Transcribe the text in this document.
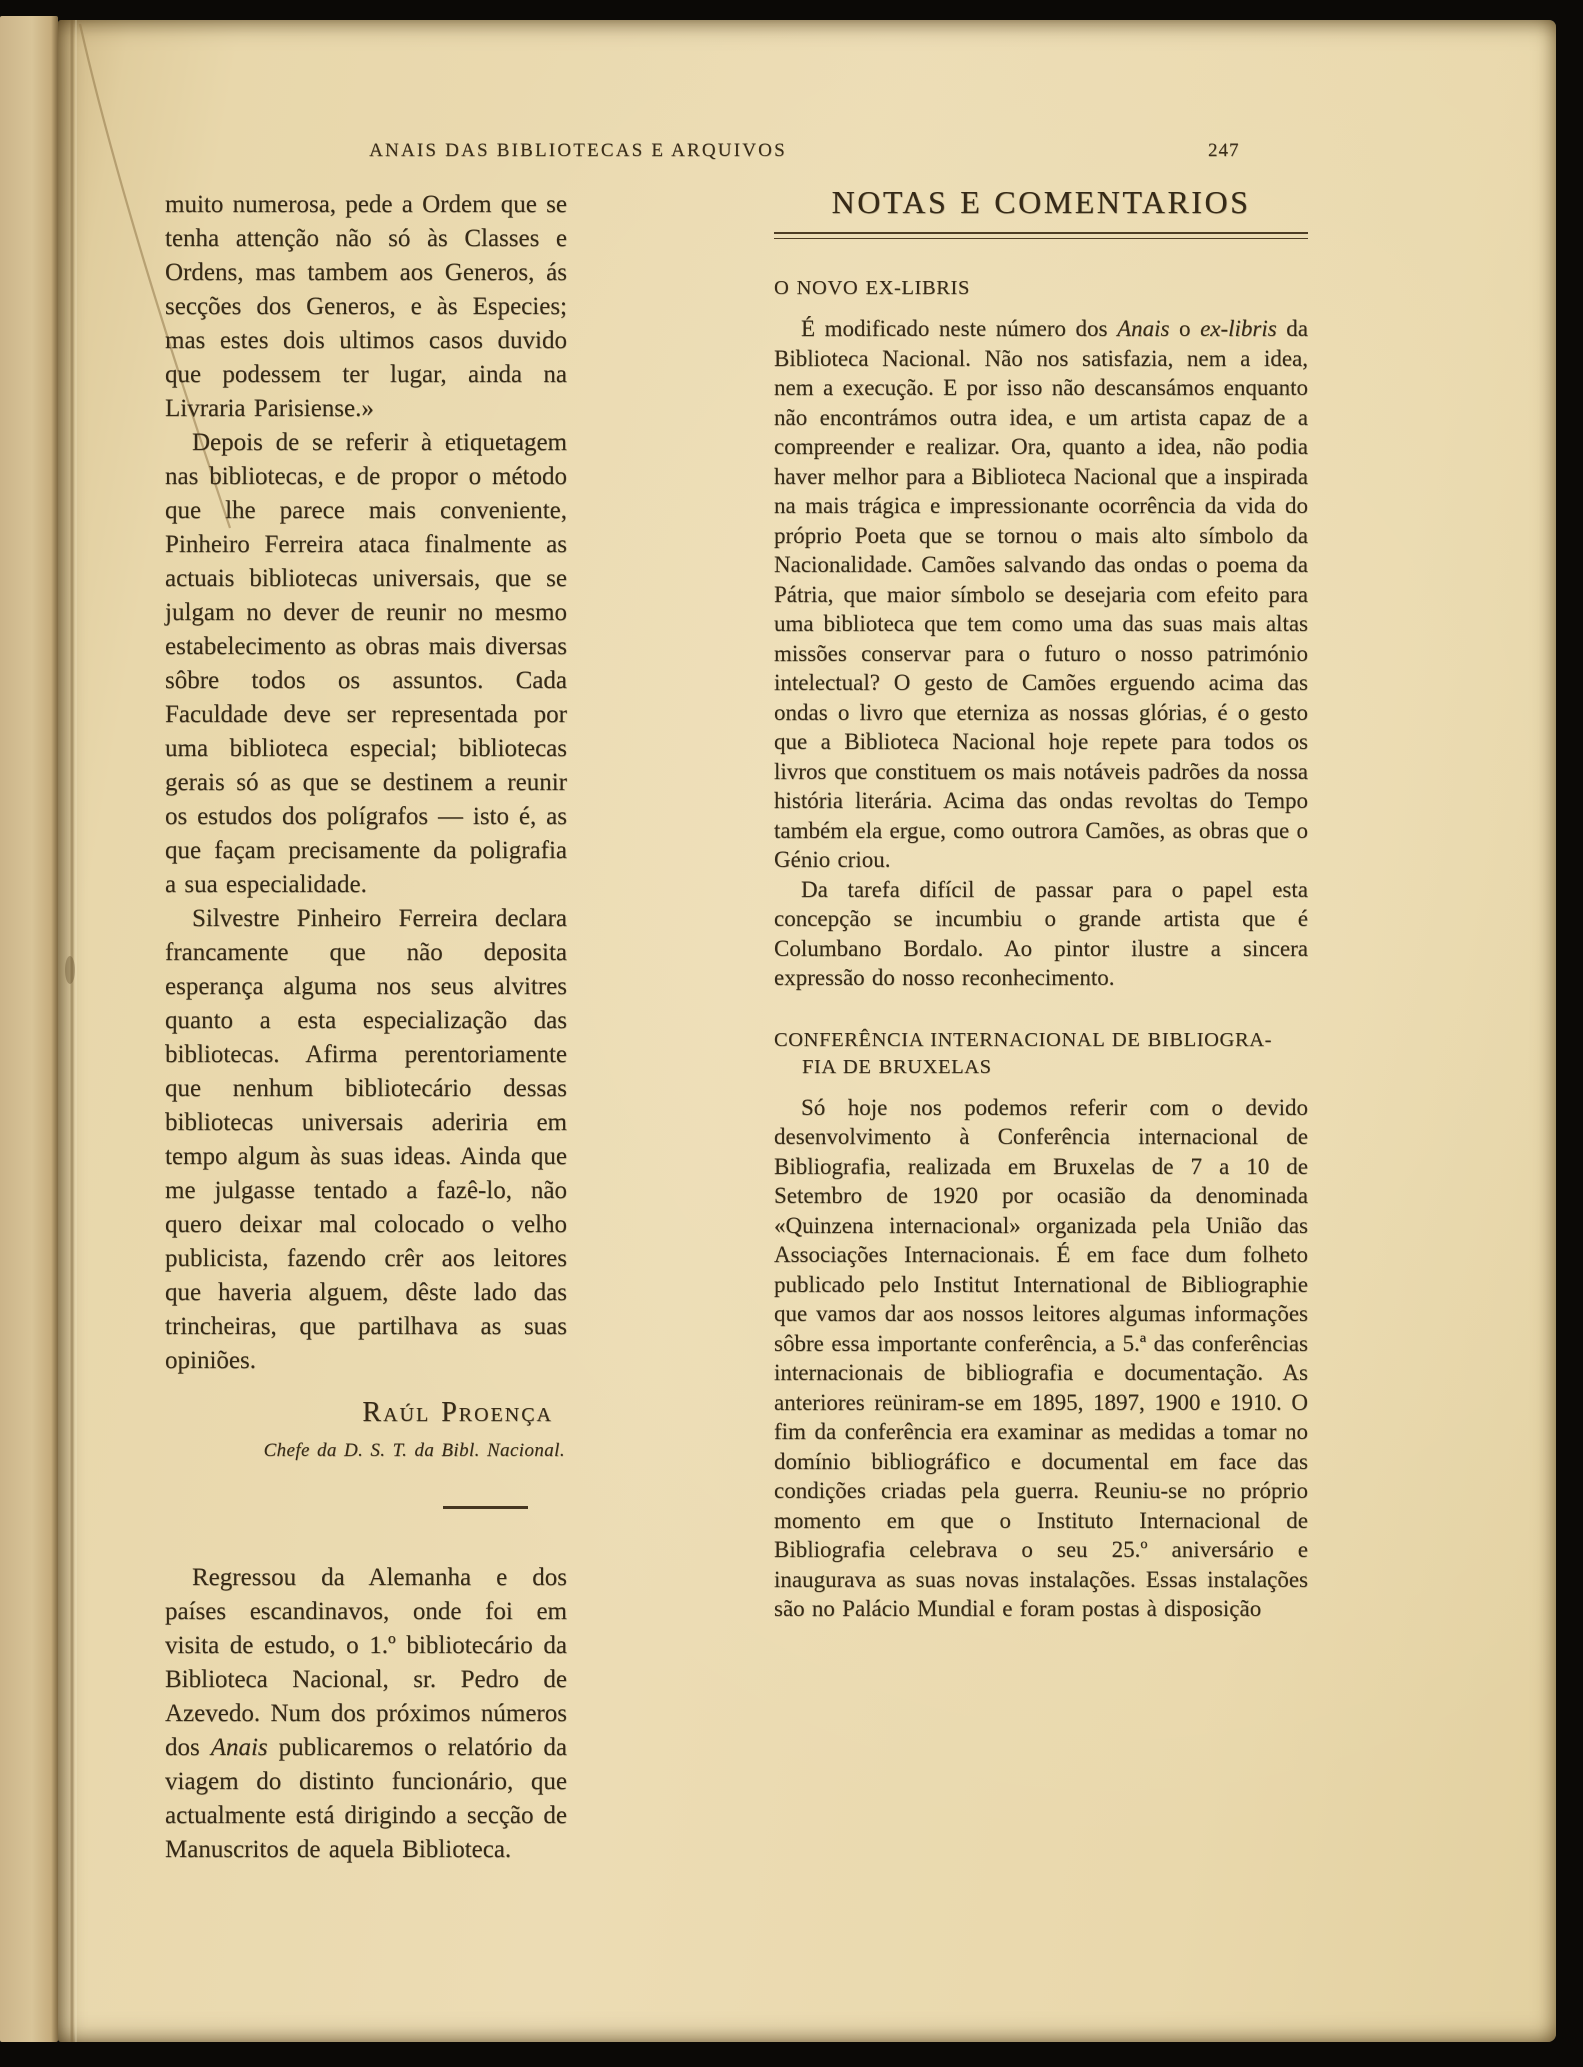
ANAIS DAS BIBLIOTECAS E ARQUIVOS	247

muito numerosa, pede a Ordem que se tenha attenção não só às Classes e Ordens, mas tambem aos Generos, ás secções dos Generos, e às Especies; mas estes dois ultimos casos duvido que podessem ter lugar, ainda na Livraria Parisiense.»

Depois de se referir à etiquetagem nas bibliotecas, e de propor o método que lhe parece mais conveniente, Pinheiro Ferreira ataca finalmente as actuais bibliotecas universais, que se julgam no dever de reunir no mesmo estabelecimento as obras mais diversas sôbre todos os assuntos. Cada Faculdade deve ser representada por uma biblioteca especial; bibliotecas gerais só as que se destinem a reunir os estudos dos polígrafos — isto é, as que façam precisamente da poligrafia a sua especialidade.

Silvestre Pinheiro Ferreira declara francamente que não deposita esperança alguma nos seus alvitres quanto a esta especialização das bibliotecas. Afirma perentoriamente que nenhum bibliotecário dessas bibliotecas universais aderiria em tempo algum às suas ideas. Ainda que me julgasse tentado a fazê-lo, não quero deixar mal colocado o velho publicista, fazendo crêr aos leitores que haveria alguem, dêste lado das trincheiras, que partilhava as suas opiniões.

Raúl Proença
Chefe da D. S. T. da Bibl. Nacional.

Regressou da Alemanha e dos países escandinavos, onde foi em visita de estudo, o 1.º bibliotecário da Biblioteca Nacional, sr. Pedro de Azevedo. Num dos próximos números dos Anais publicaremos o relatório da viagem do distinto funcionário, que actualmente está dirigindo a secção de Manuscritos de aquela Biblioteca.

NOTAS E COMENTARIOS
O NOVO EX-LIBRIS

É modificado neste número dos Anais o ex-libris da Biblioteca Nacional. Não nos satisfazia, nem a idea, nem a execução. E por isso não descansámos enquanto não encontrámos outra idea, e um artista capaz de a compreender e realizar. Ora, quanto a idea, não podia haver melhor para a Biblioteca Nacional que a inspirada na mais trágica e impressionante ocorrência da vida do próprio Poeta que se tornou o mais alto símbolo da Nacionalidade. Camões salvando das ondas o poema da Pátria, que maior símbolo se desejaria com efeito para uma biblioteca que tem como uma das suas mais altas missões conservar para o futuro o nosso património intelectual? O gesto de Camões erguendo acima das ondas o livro que eterniza as nossas glórias, é o gesto que a Biblioteca Nacional hoje repete para todos os livros que constituem os mais notáveis padrões da nossa história literária. Acima das ondas revoltas do Tempo também ela ergue, como outrora Camões, as obras que o Génio criou.

Da tarefa difícil de passar para o papel esta concepção se incumbiu o grande artista que é Columbano Bordalo. Ao pintor ilustre a sincera expressão do nosso reconhecimento.

CONFERÊNCIA INTERNACIONAL DE BIBLIOGRA-
FIA DE BRUXELAS

Só hoje nos podemos referir com o devido desenvolvimento à Conferência internacional de Bibliografia, realizada em Bruxelas de 7 a 10 de Setembro de 1920 por ocasião da denominada «Quinzena internacional» organizada pela União das Associações Internacionais. É em face dum folheto publicado pelo Institut International de Bibliographie que vamos dar aos nossos leitores algumas informações sôbre essa importante conferência, a 5.ª das conferências internacionais de bibliografia e documentação. As anteriores reüniram-se em 1895, 1897, 1900 e 1910. O fim da conferência era examinar as medidas a tomar no domínio bibliográfico e documental em face das condições criadas pela guerra. Reuniu-se no próprio momento em que o Instituto Internacional de Bibliografia celebrava o seu 25.º aniversário e inaugurava as suas novas instalações. Essas instalações são no Palácio Mundial e foram postas à disposição
